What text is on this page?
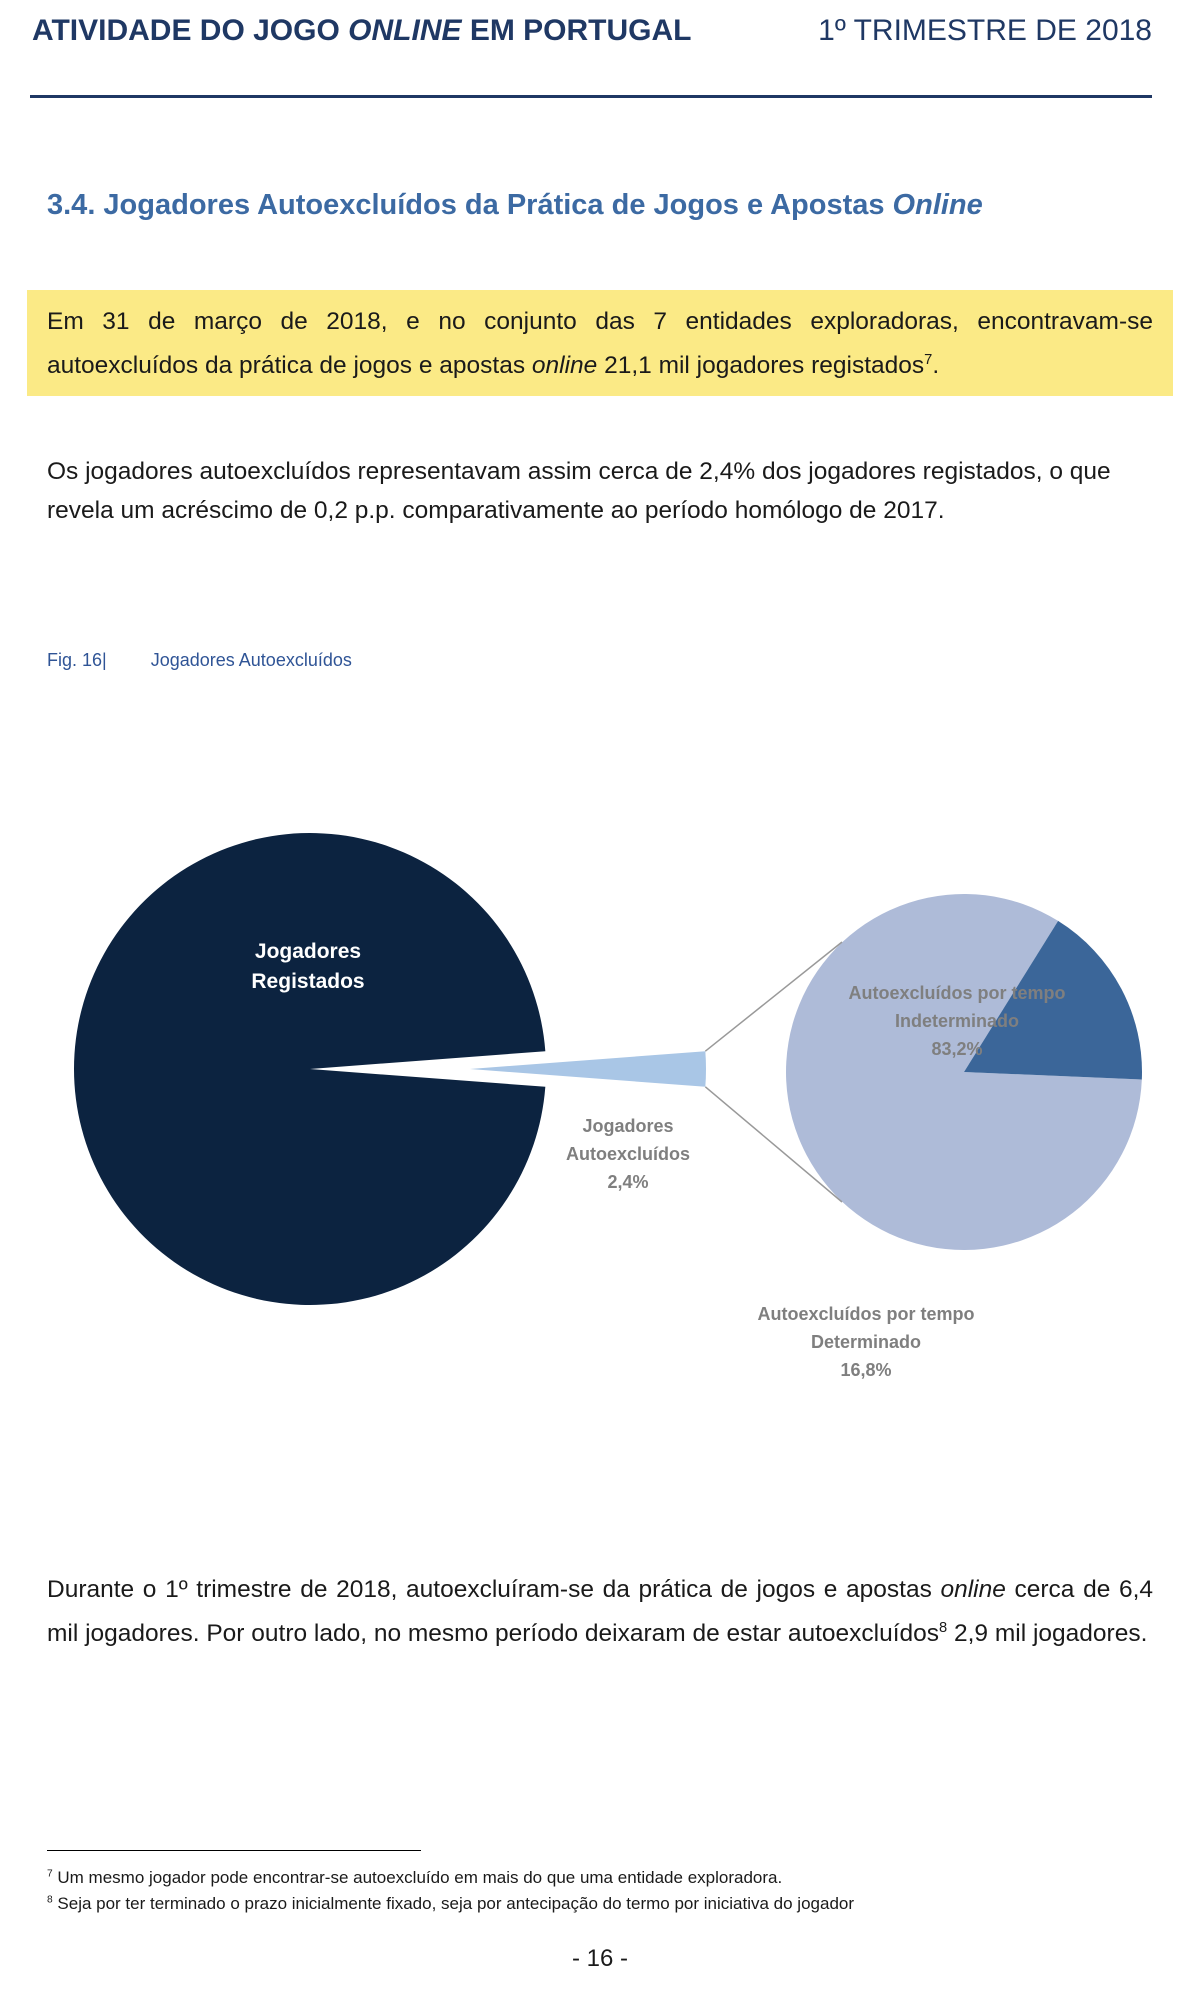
ATIVIDADE DO JOGO ONLINE EM PORTUGAL	1º TRIMESTRE DE 2018
3.4. Jogadores Autoexcluídos da Prática de Jogos e Apostas Online

Em 31 de março de 2018, e no conjunto das 7 entidades exploradoras, encontravam-se autoexcluídos da prática de jogos e apostas online 21,1 mil jogadores registados$^7$.

Os jogadores autoexcluídos representavam assim cerca de 2,4% dos jogadores registados, o que revela um acréscimo de 0,2 p.p. comparativamente ao período homólogo de 2017.

Fig. 16| Jogadores Autoexcluídos
Jogadores
Registados
Jogadores
Autoexcluídos
2,4%
Autoexcluídos por tempo
Indeterminado
83,2%
Autoexcluídos por tempo
Determinado
16,8%

Durante o 1º trimestre de 2018, autoexcluíram-se da prática de jogos e apostas online cerca de 6,4 mil jogadores. Por outro lado, no mesmo período deixaram de estar autoexcluídos$^8$ 2,9 mil jogadores.

$^7$ Um mesmo jogador pode encontrar-se autoexcluído em mais do que uma entidade exploradora.
$^8$ Seja por ter terminado o prazo inicialmente fixado, seja por antecipação do termo por iniciativa do jogador
- 16 -
